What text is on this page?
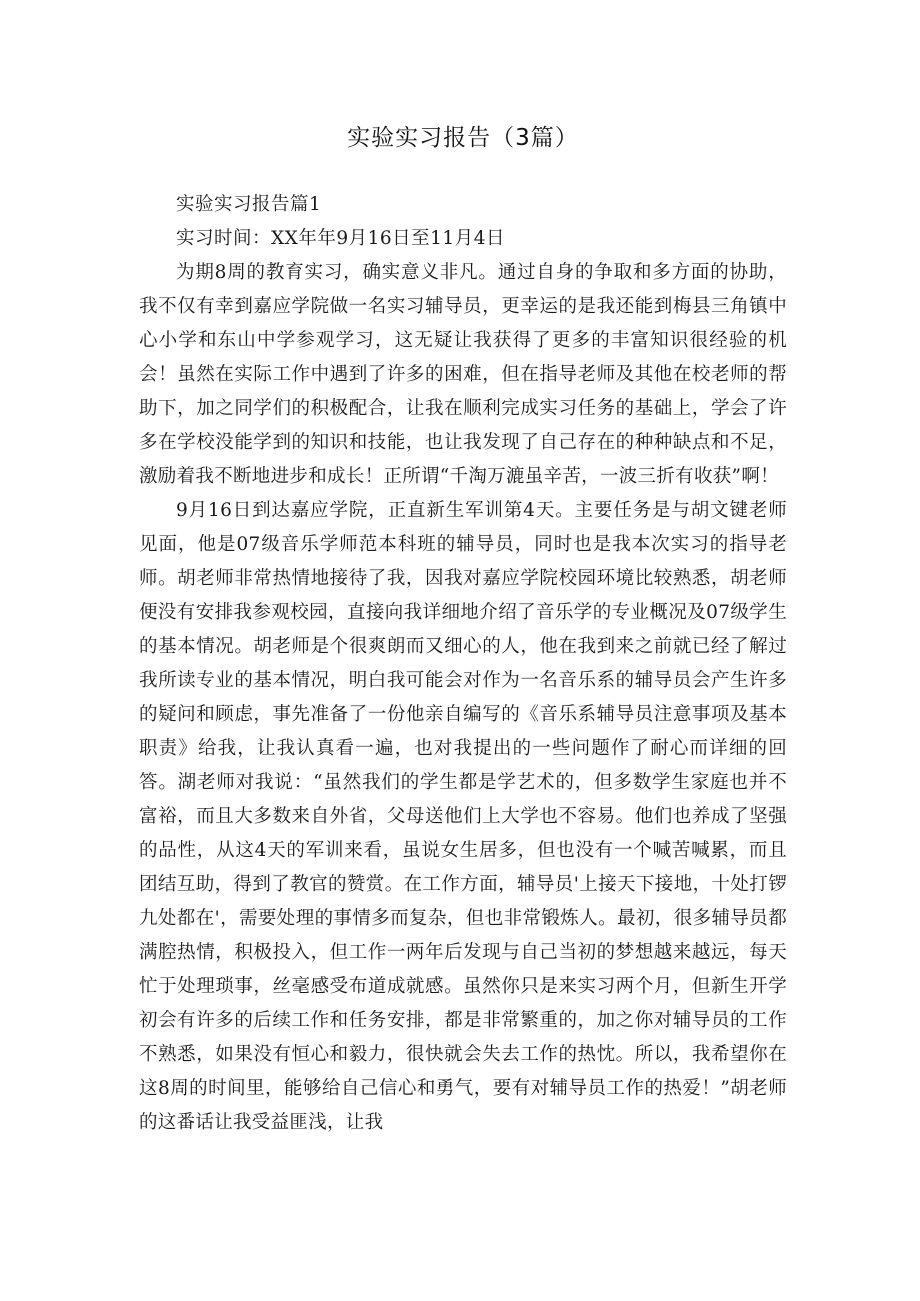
实验实习报告（3篇）

实验实习报告篇1

实习时间：XX年年9月16日至11月4日

为期8周的教育实习，确实意义非凡。通过自身的争取和多方面的协助，我不仅有幸到嘉应学院做一名实习辅导员，更幸运的是我还能到梅县三角镇中心小学和东山中学参观学习，这无疑让我获得了更多的丰富知识很经验的机会！虽然在实际工作中遇到了许多的困难，但在指导老师及其他在校老师的帮助下，加之同学们的积极配合，让我在顺利完成实习任务的基础上，学会了许多在学校没能学到的知识和技能，也让我发现了自己存在的种种缺点和不足，激励着我不断地进步和成长！正所谓“千淘万漉虽辛苦，一波三折有收获”啊！

9月16日到达嘉应学院，正直新生军训第4天。主要任务是与胡文键老师见面，他是07级音乐学师范本科班的辅导员，同时也是我本次实习的指导老师。胡老师非常热情地接待了我，因我对嘉应学院校园环境比较熟悉，胡老师便没有安排我参观校园，直接向我详细地介绍了音乐学的专业概况及07级学生的基本情况。胡老师是个很爽朗而又细心的人，他在我到来之前就已经了解过我所读专业的基本情况，明白我可能会对作为一名音乐系的辅导员会产生许多的疑问和顾虑，事先准备了一份他亲自编写的《音乐系辅导员注意事项及基本职责》给我，让我认真看一遍，也对我提出的一些问题作了耐心而详细的回答。湖老师对我说：“虽然我们的学生都是学艺术的，但多数学生家庭也并不富裕，而且大多数来自外省，父母送他们上大学也不容易。他们也养成了坚强的品性，从这4天的军训来看，虽说女生居多，但也没有一个喊苦喊累，而且团结互助，得到了教官的赞赏。在工作方面，辅导员'上接天下接地，十处打锣九处都在'，需要处理的事情多而复杂，但也非常锻炼人。最初，很多辅导员都满腔热情，积极投入，但工作一两年后发现与自己当初的梦想越来越远，每天忙于处理琐事，丝毫感受布道成就感。虽然你只是来实习两个月，但新生开学初会有许多的后续工作和任务安排，都是非常繁重的，加之你对辅导员的工作不熟悉，如果没有恒心和毅力，很快就会失去工作的热忱。所以，我希望你在这8周的时间里，能够给自己信心和勇气，要有对辅导员工作的热爱！”胡老师的这番话让我受益匪浅，让我
